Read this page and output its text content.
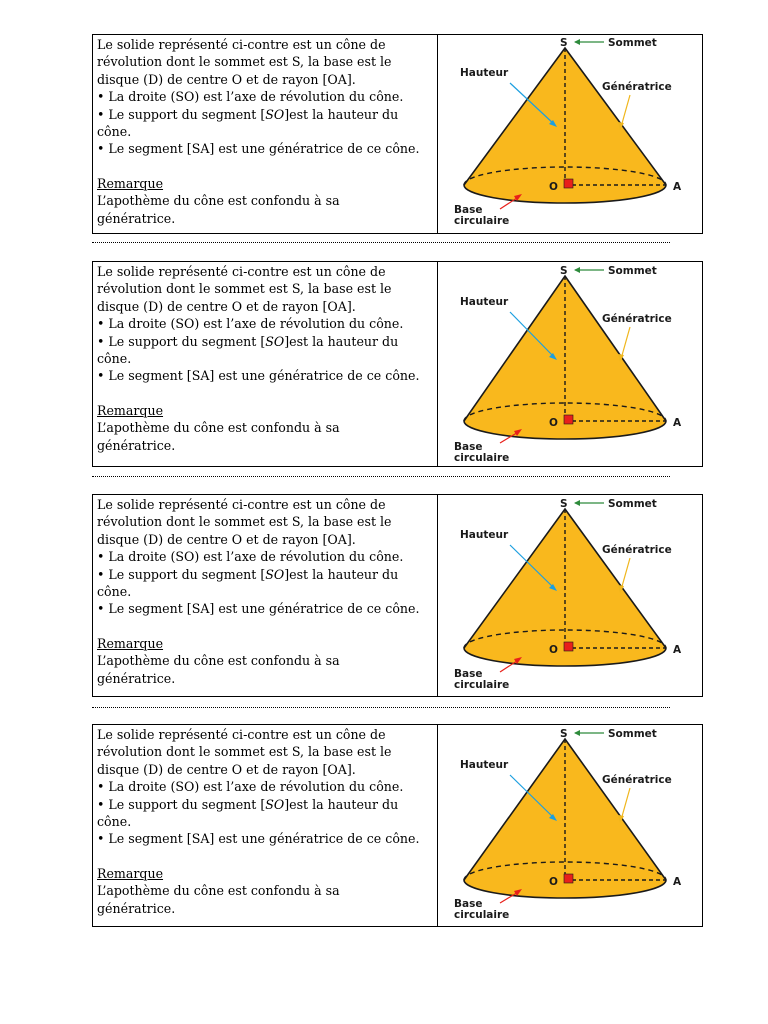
Le solide représenté ci-contre est un cône de

révolution dont le sommet est S, la base est le

disque (D) de centre O et de rayon [OA].

• La droite (SO) est l’axe de révolution du cône.

• Le support du segment [SO]est la hauteur du

cône.

• Le segment [SA] est une génératrice de ce cône.

Remarque

L’apothème du cône est confondu à sa

génératrice.

S	Sommet
Hauteur
Génératrice
O	A
Base
circulaire

Le solide représenté ci-contre est un cône de

révolution dont le sommet est S, la base est le

disque (D) de centre O et de rayon [OA].

• La droite (SO) est l’axe de révolution du cône.

• Le support du segment [SO]est la hauteur du

cône.

• Le segment [SA] est une génératrice de ce cône.

Remarque

L’apothème du cône est confondu à sa

génératrice.

S	Sommet
Hauteur
Génératrice
O	A
Base
circulaire

Le solide représenté ci-contre est un cône de

révolution dont le sommet est S, la base est le

disque (D) de centre O et de rayon [OA].

• La droite (SO) est l’axe de révolution du cône.

• Le support du segment [SO]est la hauteur du

cône.

• Le segment [SA] est une génératrice de ce cône.

Remarque

L’apothème du cône est confondu à sa

génératrice.

S	Sommet
Hauteur
Génératrice
O	A
Base
circulaire

Le solide représenté ci-contre est un cône de

révolution dont le sommet est S, la base est le

disque (D) de centre O et de rayon [OA].

• La droite (SO) est l’axe de révolution du cône.

• Le support du segment [SO]est la hauteur du

cône.

• Le segment [SA] est une génératrice de ce cône.

Remarque

L’apothème du cône est confondu à sa

génératrice.

S	Sommet
Hauteur
Génératrice
O	A
Base
circulaire
